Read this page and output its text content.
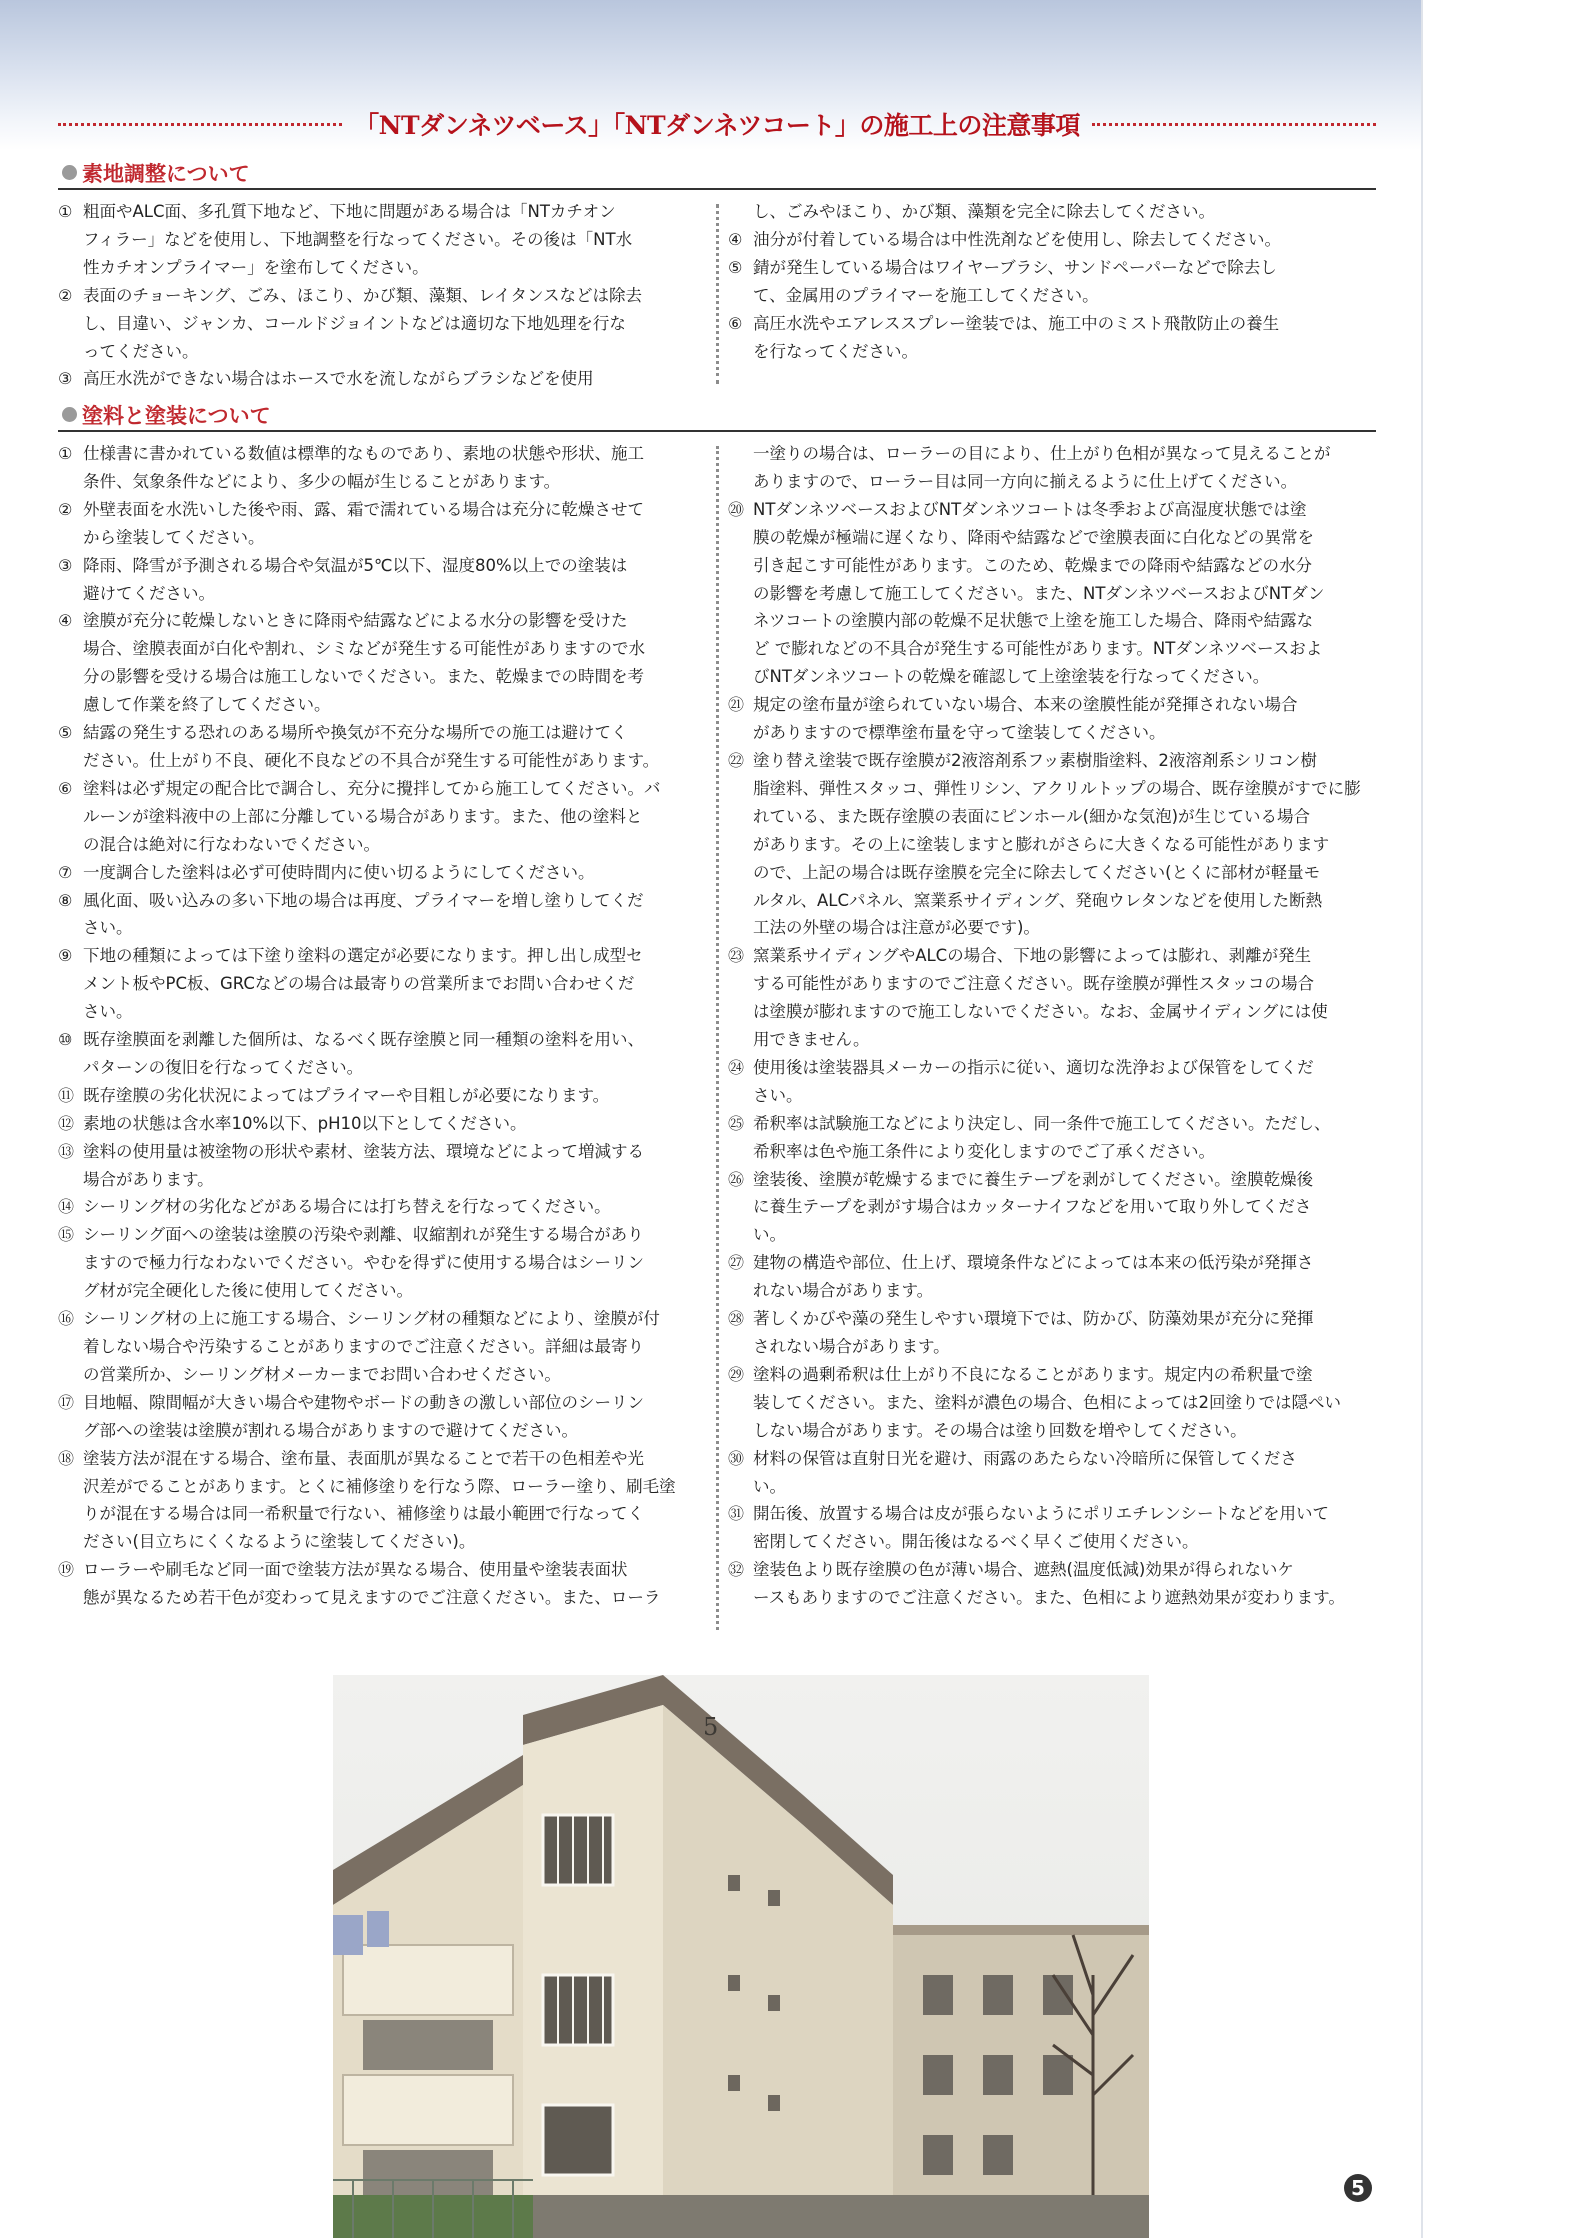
「NTダンネツベース」「NTダンネツコート」の施工上の注意事項
素地調整について
① 粗面やALC面、多孔質下地など、下地に問題がある場合は「NTカチオン
フィラー」などを使用し、下地調整を行なってください。その後は「NT水
性カチオンプライマー」を塗布してください。
② 表面のチョーキング、ごみ、ほこり、かび類、藻類、レイタンスなどは除去
し、目違い、ジャンカ、コールドジョイントなどは適切な下地処理を行な
ってください。
③ 高圧水洗ができない場合はホースで水を流しながらブラシなどを使用
し、ごみやほこり、かび類、藻類を完全に除去してください。
④ 油分が付着している場合は中性洗剤などを使用し、除去してください。
⑤ 錆が発生している場合はワイヤーブラシ、サンドペーパーなどで除去し
て、金属用のプライマーを施工してください。
⑥ 高圧水洗やエアレススプレー塗装では、施工中のミスト飛散防止の養生
を行なってください。
塗料と塗装について
① 仕様書に書かれている数値は標準的なものであり、素地の状態や形状、施工
条件、気象条件などにより、多少の幅が生じることがあります。
② 外壁表面を水洗いした後や雨、露、霜で濡れている場合は充分に乾燥させて
から塗装してください。
③ 降雨、降雪が予測される場合や気温が5℃以下、湿度80%以上での塗装は
避けてください。
④ 塗膜が充分に乾燥しないときに降雨や結露などによる水分の影響を受けた
場合、塗膜表面が白化や割れ、シミなどが発生する可能性がありますので水
分の影響を受ける場合は施工しないでください。また、乾燥までの時間を考
慮して作業を終了してください。
⑤ 結露の発生する恐れのある場所や換気が不充分な場所での施工は避けてく
ださい。仕上がり不良、硬化不良などの不具合が発生する可能性があります。
⑥ 塗料は必ず規定の配合比で調合し、充分に攪拌してから施工してください。バ
ルーンが塗料液中の上部に分離している場合があります。また、他の塗料と
の混合は絶対に行なわないでください。
⑦ 一度調合した塗料は必ず可使時間内に使い切るようにしてください。
⑧ 風化面、吸い込みの多い下地の場合は再度、プライマーを増し塗りしてくだ
さい。
⑨ 下地の種類によっては下塗り塗料の選定が必要になります。押し出し成型セ
メント板やPC板、GRCなどの場合は最寄りの営業所までお問い合わせくだ
さい。
⑩ 既存塗膜面を剥離した個所は、なるべく既存塗膜と同一種類の塗料を用い、
パターンの復旧を行なってください。
⑪ 既存塗膜の劣化状況によってはプライマーや目粗しが必要になります。
⑫ 素地の状態は含水率10%以下、pH10以下としてください。
⑬ 塗料の使用量は被塗物の形状や素材、塗装方法、環境などによって増減する
場合があります。
⑭ シーリング材の劣化などがある場合には打ち替えを行なってください。
⑮ シーリング面への塗装は塗膜の汚染や剥離、収縮割れが発生する場合があり
ますので極力行なわないでください。やむを得ずに使用する場合はシーリン
グ材が完全硬化した後に使用してください。
⑯ シーリング材の上に施工する場合、シーリング材の種類などにより、塗膜が付
着しない場合や汚染することがありますのでご注意ください。詳細は最寄り
の営業所か、シーリング材メーカーまでお問い合わせください。
⑰ 目地幅、隙間幅が大きい場合や建物やボードの動きの激しい部位のシーリン
グ部への塗装は塗膜が割れる場合がありますので避けてください。
⑱ 塗装方法が混在する場合、塗布量、表面肌が異なることで若干の色相差や光
沢差がでることがあります。とくに補修塗りを行なう際、ローラー塗り、刷毛塗
りが混在する場合は同一希釈量で行ない、補修塗りは最小範囲で行なってく
ださい(目立ちにくくなるように塗装してください)。
⑲ ローラーや刷毛など同一面で塗装方法が異なる場合、使用量や塗装表面状
態が異なるため若干色が変わって見えますのでご注意ください。また、ローラ
一塗りの場合は、ローラーの目により、仕上がり色相が異なって見えることが
ありますので、ローラー目は同一方向に揃えるように仕上げてください。
⑳ NTダンネツベースおよびNTダンネツコートは冬季および高湿度状態では塗
膜の乾燥が極端に遅くなり、降雨や結露などで塗膜表面に白化などの異常を
引き起こす可能性があります。このため、乾燥までの降雨や結露などの水分
の影響を考慮して施工してください。また、NTダンネツベースおよびNTダン
ネツコートの塗膜内部の乾燥不足状態で上塗を施工した場合、降雨や結露な
ど で膨れなどの不具合が発生する可能性があります。NTダンネツベースおよ
びNTダンネツコートの乾燥を確認して上塗塗装を行なってください。
㉑ 規定の塗布量が塗られていない場合、本来の塗膜性能が発揮されない場合
がありますので標準塗布量を守って塗装してください。
㉒ 塗り替え塗装で既存塗膜が2液溶剤系フッ素樹脂塗料、2液溶剤系シリコン樹
脂塗料、弾性スタッコ、弾性リシン、アクリルトップの場合、既存塗膜がすでに膨
れている、また既存塗膜の表面にピンホール(細かな気泡)が生じている場合
があります。その上に塗装しますと膨れがさらに大きくなる可能性があります
ので、上記の場合は既存塗膜を完全に除去してください(とくに部材が軽量モ
ルタル、ALCパネル、窯業系サイディング、発砲ウレタンなどを使用した断熱
工法の外壁の場合は注意が必要です)。
㉓ 窯業系サイディングやALCの場合、下地の影響によっては膨れ、剥離が発生
する可能性がありますのでご注意ください。既存塗膜が弾性スタッコの場合
は塗膜が膨れますので施工しないでください。なお、金属サイディングには使
用できません。
㉔ 使用後は塗装器具メーカーの指示に従い、適切な洗浄および保管をしてくだ
さい。
㉕ 希釈率は試験施工などにより決定し、同一条件で施工してください。ただし、
希釈率は色や施工条件により変化しますのでご了承ください。
㉖ 塗装後、塗膜が乾燥するまでに養生テープを剥がしてください。塗膜乾燥後
に養生テープを剥がす場合はカッターナイフなどを用いて取り外してくださ
い。
㉗ 建物の構造や部位、仕上げ、環境条件などによっては本来の低汚染が発揮さ
れない場合があります。
㉘ 著しくかびや藻の発生しやすい環境下では、防かび、防藻効果が充分に発揮
されない場合があります。
㉙ 塗料の過剰希釈は仕上がり不良になることがあります。規定内の希釈量で塗
装してください。また、塗料が濃色の場合、色相によっては2回塗りでは隠ぺい
しない場合があります。その場合は塗り回数を増やしてください。
㉚ 材料の保管は直射日光を避け、雨露のあたらない冷暗所に保管してくださ
い。
㉛ 開缶後、放置する場合は皮が張らないようにポリエチレンシートなどを用いて
密閉してください。開缶後はなるべく早くご使用ください。
㉜ 塗装色より既存塗膜の色が薄い場合、遮熱(温度低減)効果が得られないケ
ースもありますのでご注意ください。また、色相により遮熱効果が変わります。
5
5
